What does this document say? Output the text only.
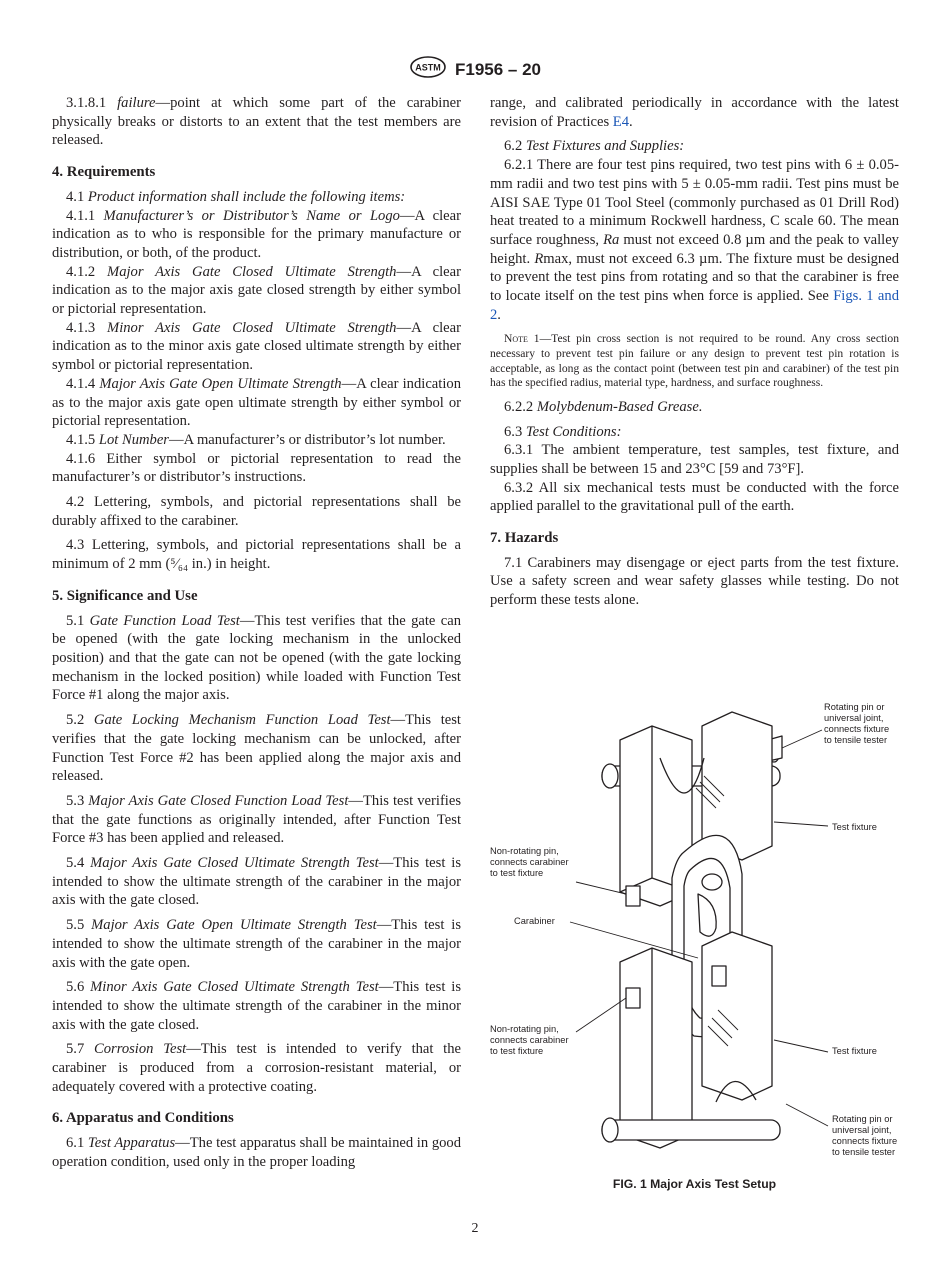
ASTM F1956 – 20

3.1.8.1 failure—point at which some part of the carabiner physically breaks or distorts to an extent that the test members are released.

4. Requirements

4.1 Product information shall include the following items:

4.1.1 Manufacturer’s or Distributor’s Name or Logo—A clear indication as to who is responsible for the primary manufacture or distribution, or both, of the product.

4.1.2 Major Axis Gate Closed Ultimate Strength—A clear indication as to the major axis gate closed strength by either symbol or pictorial representation.

4.1.3 Minor Axis Gate Closed Ultimate Strength—A clear indication as to the minor axis gate closed ultimate strength by either symbol or pictorial representation.

4.1.4 Major Axis Gate Open Ultimate Strength—A clear indication as to the major axis gate open ultimate strength by either symbol or pictorial representation.

4.1.5 Lot Number—A manufacturer’s or distributor’s lot number.

4.1.6 Either symbol or pictorial representation to read the manufacturer’s or distributor’s instructions.

4.2 Lettering, symbols, and pictorial representations shall be durably affixed to the carabiner.

4.3 Lettering, symbols, and pictorial representations shall be a minimum of 2 mm (⁵⁄₆₄ in.) in height.

5. Significance and Use

5.1 Gate Function Load Test—This test verifies that the gate can be opened (with the gate locking mechanism in the unlocked position) and that the gate can not be opened (with the gate locking mechanism in the locked position) while loaded with Function Test Force #1 along the major axis.

5.2 Gate Locking Mechanism Function Load Test—This test verifies that the gate locking mechanism can be unlocked, after Function Test Force #2 has been applied along the major axis and released.

5.3 Major Axis Gate Closed Function Load Test—This test verifies that the gate functions as originally intended, after Function Test Force #3 has been applied and released.

5.4 Major Axis Gate Closed Ultimate Strength Test—This test is intended to show the ultimate strength of the carabiner in the major axis with the gate closed.

5.5 Major Axis Gate Open Ultimate Strength Test—This test is intended to show the ultimate strength of the carabiner in the major axis with the gate open.

5.6 Minor Axis Gate Closed Ultimate Strength Test—This test is intended to show the ultimate strength of the carabiner in the minor axis with the gate closed.

5.7 Corrosion Test—This test is intended to verify that the carabiner is produced from a corrosion-resistant material, or adequately covered with a protective coating.

6. Apparatus and Conditions

6.1 Test Apparatus—The test apparatus shall be maintained in good operation condition, used only in the proper loading

range, and calibrated periodically in accordance with the latest revision of Practices E4.

6.2 Test Fixtures and Supplies:

6.2.1 There are four test pins required, two test pins with 6 ± 0.05-mm radii and two test pins with 5 ± 0.05-mm radii. Test pins must be AISI SAE Type 01 Tool Steel (commonly purchased as 01 Drill Rod) heat treated to a minimum Rockwell hardness, C scale 60. The mean surface roughness, Ra must not exceed 0.8 µm and the peak to valley height. Rmax, must not exceed 6.3 µm. The fixture must be designed to prevent the test pins from rotating and so that the carabiner is free to locate itself on the test pins when force is applied. See Figs. 1 and 2.

Note 1—Test pin cross section is not required to be round. Any cross section necessary to prevent test pin failure or any design to prevent test pin rotation is acceptable, as long as the contact point (between test pin and carabiner) of the test pin has the specified radius, material type, hardness, and surface roughness.

6.2.2 Molybdenum-Based Grease.

6.3 Test Conditions:

6.3.1 The ambient temperature, test samples, test fixture, and supplies shall be between 15 and 23°C [59 and 73°F].

6.3.2 All six mechanical tests must be conducted with the force applied parallel to the gravitational pull of the earth.

7. Hazards

7.1 Carabiners may disengage or eject parts from the test fixture. Use a safety screen and wear safety glasses while testing. Do not perform these tests alone.

Rotating pin or universal joint, connects fixture to tensile tester
Test fixture
Non-rotating pin, connects carabiner to test fixture
Carabiner
Non-rotating pin, connects carabiner to test fixture	Test fixture
Rotating pin or universal joint, connects fixture to tensile tester
FIG. 1 Major Axis Test Setup
2
